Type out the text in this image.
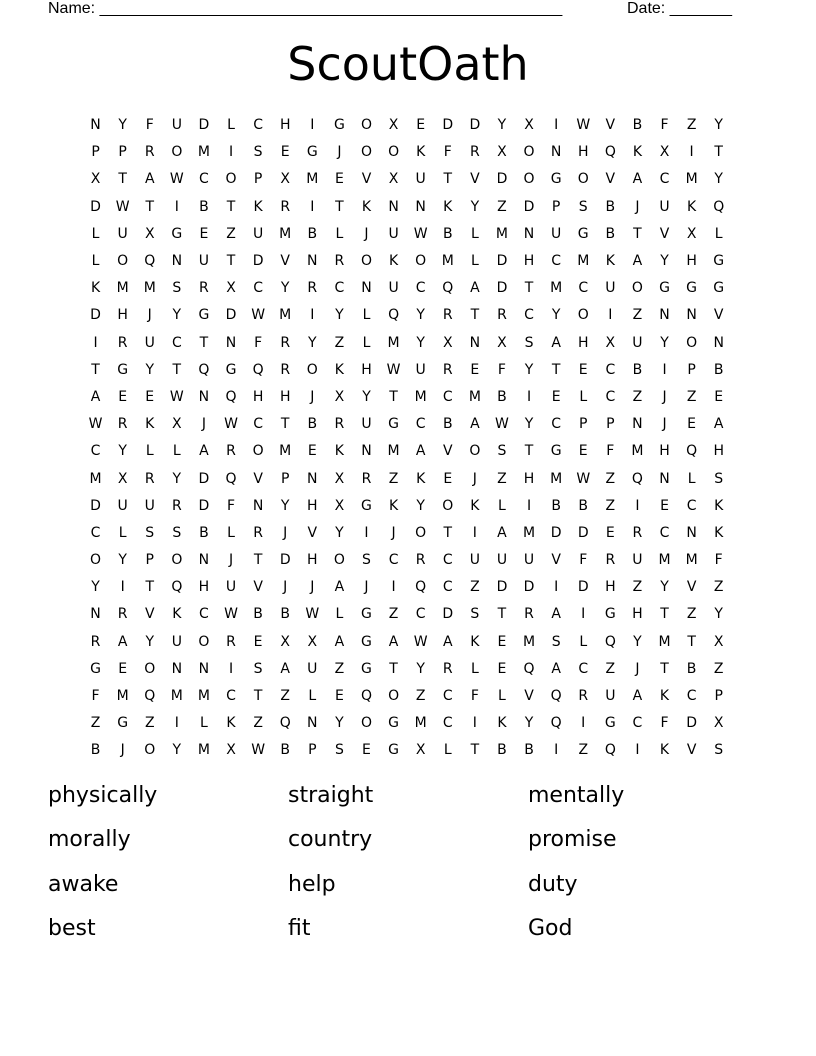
Name: ____________________________________________________	Date: _______
ScoutOath
N	Y	F	U	D	L	C	H	I	G	O	X	E	D	D	Y	X	I	W	V	B	F	Z	Y
P	P	R	O	M	I	S	E	G	J	O	O	K	F	R	X	O	N	H	Q	K	X	I	T
X	T	A	W	C	O	P	X	M	E	V	X	U	T	V	D	O	G	O	V	A	C	M	Y
D	W	T	I	B	T	K	R	I	T	K	N	N	K	Y	Z	D	P	S	B	J	U	K	Q
L	U	X	G	E	Z	U	M	B	L	J	U	W	B	L	M	N	U	G	B	T	V	X	L
L	O	Q	N	U	T	D	V	N	R	O	K	O	M	L	D	H	C	M	K	A	Y	H	G
K	M	M	S	R	X	C	Y	R	C	N	U	C	Q	A	D	T	M	C	U	O	G	G	G
D	H	J	Y	G	D	W	M	I	Y	L	Q	Y	R	T	R	C	Y	O	I	Z	N	N	V
I	R	U	C	T	N	F	R	Y	Z	L	M	Y	X	N	X	S	A	H	X	U	Y	O	N
T	G	Y	T	Q	G	Q	R	O	K	H	W	U	R	E	F	Y	T	E	C	B	I	P	B
A	E	E	W	N	Q	H	H	J	X	Y	T	M	C	M	B	I	E	L	C	Z	J	Z	E
W	R	K	X	J	W	C	T	B	R	U	G	C	B	A	W	Y	C	P	P	N	J	E	A
C	Y	L	L	A	R	O	M	E	K	N	M	A	V	O	S	T	G	E	F	M	H	Q	H
M	X	R	Y	D	Q	V	P	N	X	R	Z	K	E	J	Z	H	M	W	Z	Q	N	L	S
D	U	U	R	D	F	N	Y	H	X	G	K	Y	O	K	L	I	B	B	Z	I	E	C	K
C	L	S	S	B	L	R	J	V	Y	I	J	O	T	I	A	M	D	D	E	R	C	N	K
O	Y	P	O	N	J	T	D	H	O	S	C	R	C	U	U	U	V	F	R	U	M	M	F
Y	I	T	Q	H	U	V	J	J	A	J	I	Q	C	Z	D	D	I	D	H	Z	Y	V	Z
N	R	V	K	C	W	B	B	W	L	G	Z	C	D	S	T	R	A	I	G	H	T	Z	Y
R	A	Y	U	O	R	E	X	X	A	G	A	W	A	K	E	M	S	L	Q	Y	M	T	X
G	E	O	N	N	I	S	A	U	Z	G	T	Y	R	L	E	Q	A	C	Z	J	T	B	Z
F	M	Q	M	M	C	T	Z	L	E	Q	O	Z	C	F	L	V	Q	R	U	A	K	C	P
Z	G	Z	I	L	K	Z	Q	N	Y	O	G	M	C	I	K	Y	Q	I	G	C	F	D	X
B	J	O	Y	M	X	W	B	P	S	E	G	X	L	T	B	B	I	Z	Q	I	K	V	S
physically	straight	mentally
morally	country	promise
awake	help	duty
best	fit	God
